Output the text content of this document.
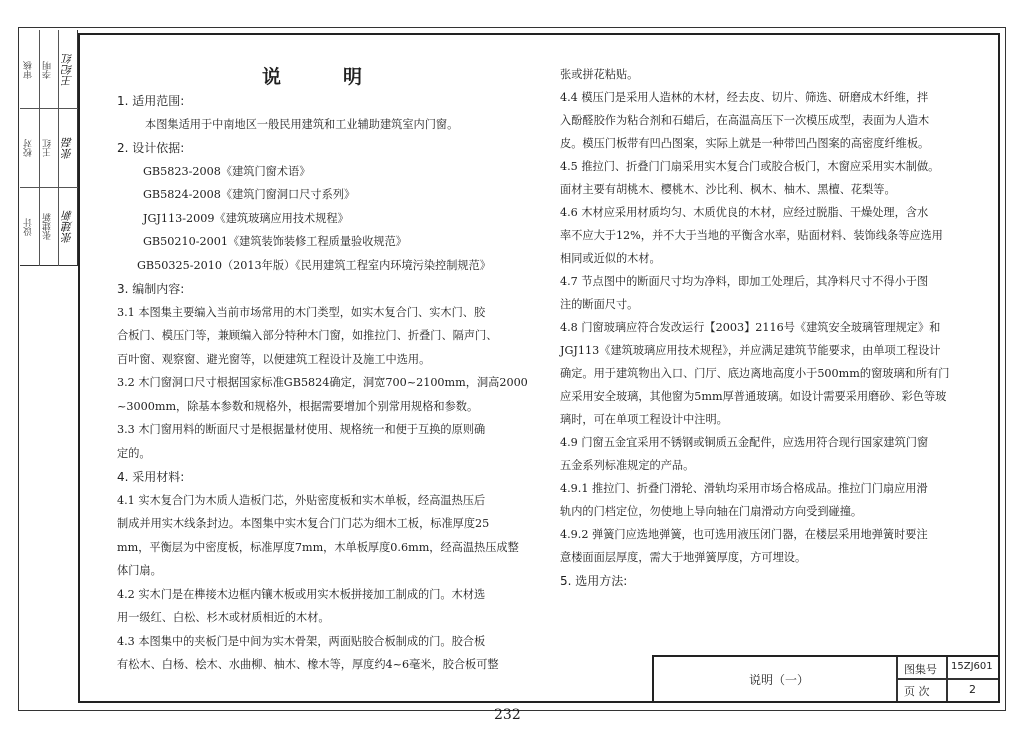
审核
校对
设计
李明
王红
张建新
王纪红
张磊
张建新
说	明
1. 适用范围:
本图集适用于中南地区一般民用建筑和工业辅助建筑室内门窗。
2. 设计依据:
GB5823-2008《建筑门窗术语》
GB5824-2008《建筑门窗洞口尺寸系列》
JGJ113-2009《建筑玻璃应用技术规程》
GB50210-2001《建筑装饰装修工程质量验收规范》
GB50325-2010（2013年版）《民用建筑工程室内环境污染控制规范》
3. 编制内容:
3.1 本图集主要编入当前市场常用的木门类型，如实木复合门、实木门、胶
合板门、模压门等，兼顾编入部分特种木门窗，如推拉门、折叠门、隔声门、
百叶窗、观察窗、避光窗等，以便建筑工程设计及施工中选用。
3.2 木门窗洞口尺寸根据国家标准GB5824确定，洞宽700~2100mm，洞高2000
~3000mm，除基本参数和规格外，根据需要增加个别常用规格和参数。
3.3 木门窗用料的断面尺寸是根据量材使用、规格统一和便于互换的原则确
定的。
4. 采用材料:
4.1 实木复合门为木质人造板门芯，外贴密度板和实木单板，经高温热压后
制成并用实木线条封边。本图集中实木复合门门芯为细木工板，标准厚度25
mm，平衡层为中密度板，标准厚度7mm，木单板厚度0.6mm，经高温热压成整
体门扇。
4.2 实木门是在榫接木边框内镶木板或用实木板拼接加工制成的门。木材选
用一级红、白松、杉木或材质相近的木材。
4.3 本图集中的夹板门是中间为实木骨架，两面贴胶合板制成的门。胶合板
有松木、白杨、桧木、水曲柳、柚木、橡木等，厚度约4~6毫米，胶合板可整
张或拼花粘贴。
4.4 模压门是采用人造林的木材，经去皮、切片、筛选、研磨成木纤维，拌
入酚醛胶作为粘合剂和石蜡后，在高温高压下一次模压成型，表面为人造木
皮。模压门板带有凹凸图案，实际上就是一种带凹凸图案的高密度纤维板。
4.5 推拉门、折叠门门扇采用实木复合门或胶合板门，木窗应采用实木制做。
面材主要有胡桃木、樱桃木、沙比利、枫木、柚木、黑檀、花梨等。
4.6 木材应采用材质均匀、木质优良的木材，应经过脱脂、干燥处理，含水
率不应大于12%，并不大于当地的平衡含水率，贴面材料、装饰线条等应选用
相同或近似的木材。
4.7 节点图中的断面尺寸均为净料，即加工处理后，其净料尺寸不得小于图
注的断面尺寸。
4.8 门窗玻璃应符合发改运行【2003】2116号《建筑安全玻璃管理规定》和
JGJ113《建筑玻璃应用技术规程》，并应满足建筑节能要求，由单项工程设计
确定。用于建筑物出入口、门厅、底边离地高度小于500mm的窗玻璃和所有门
应采用安全玻璃，其他窗为5mm厚普通玻璃。如设计需要采用磨砂、彩色等玻
璃时，可在单项工程设计中注明。
4.9 门窗五金宜采用不锈钢或铜质五金配件，应选用符合现行国家建筑门窗
五金系列标准规定的产品。
4.9.1 推拉门、折叠门滑轮、滑轨均采用市场合格成品。推拉门门扇应用滑
轨内的门档定位，勿使地上导向轴在门扇滑动方向受到碰撞。
4.9.2 弹簧门应选地弹簧，也可选用液压闭门器，在楼层采用地弹簧时要注
意楼面面层厚度，需大于地弹簧厚度，方可埋设。
5. 选用方法:
说明（一）
图集号 15ZJ601
页 次	2
232
